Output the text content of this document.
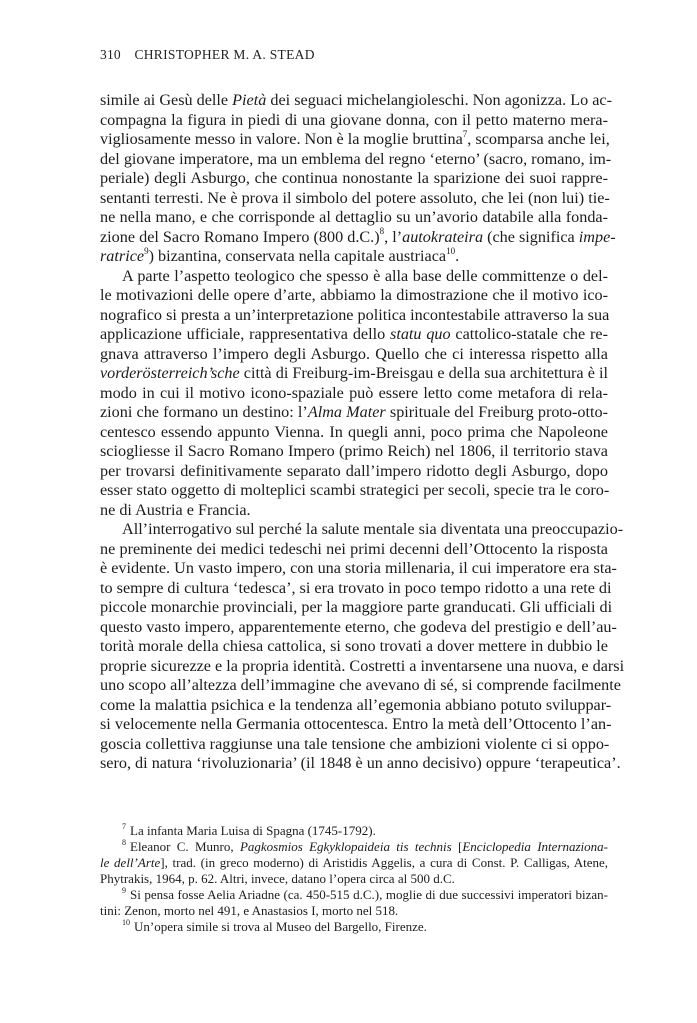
310 CHRISTOPHER M. A. STEAD

simile ai Gesù delle Pietà dei seguaci michelangioleschi. Non agonizza. Lo ac-
compagna la figura in piedi di una giovane donna, con il petto materno mera-
vigliosamente messo in valore. Non è la moglie bruttina$^7$, scomparsa anche lei,
del giovane imperatore, ma un emblema del regno ‘eterno’ (sacro, romano, im-
periale) degli Asburgo, che continua nonostante la sparizione dei suoi rappre-
sentanti terresti. Ne è prova il simbolo del potere assoluto, che lei (non lui) tie-
ne nella mano, e che corrisponde al dettaglio su un’avorio databile alla fonda-
zione del Sacro Romano Impero (800 d.C.)$^8$, l’autokrateira (che significa impe-
ratrice$^9$) bizantina, conservata nella capitale austriaca$^{10}$.

A parte l’aspetto teologico che spesso è alla base delle committenze o del-
le motivazioni delle opere d’arte, abbiamo la dimostrazione che il motivo ico-
nografico si presta a un’interpretazione politica incontestabile attraverso la sua
applicazione ufficiale, rappresentativa dello statu quo cattolico-statale che re-
gnava attraverso l’impero degli Asburgo. Quello che ci interessa rispetto alla
vorderösterreich’sche città di Freiburg-im-Breisgau e della sua architettura è il
modo in cui il motivo icono-spaziale può essere letto come metafora di rela-
zioni che formano un destino: l’Alma Mater spirituale del Freiburg proto-otto-
centesco essendo appunto Vienna. In quegli anni, poco prima che Napoleone
sciogliesse il Sacro Romano Impero (primo Reich) nel 1806, il territorio stava
per trovarsi definitivamente separato dall’impero ridotto degli Asburgo, dopo
esser stato oggetto di molteplici scambi strategici per secoli, specie tra le coro-
ne di Austria e Francia.

All’interrogativo sul perché la salute mentale sia diventata una preoccupazio-
ne preminente dei medici tedeschi nei primi decenni dell’Ottocento la risposta
è evidente. Un vasto impero, con una storia millenaria, il cui imperatore era sta-
to sempre di cultura ‘tedesca’, si era trovato in poco tempo ridotto a una rete di
piccole monarchie provinciali, per la maggiore parte granducati. Gli ufficiali di
questo vasto impero, apparentemente eterno, che godeva del prestigio e dell’au-
torità morale della chiesa cattolica, si sono trovati a dover mettere in dubbio le
proprie sicurezze e la propria identità. Costretti a inventarsene una nuova, e darsi
uno scopo all’altezza dell’immagine che avevano di sé, si comprende facilmente
come la malattia psichica e la tendenza all’egemonia abbiano potuto sviluppar-
si velocemente nella Germania ottocentesca. Entro la metà dell’Ottocento l’an-
goscia collettiva raggiunse una tale tensione che ambizioni violente ci si oppo-
sero, di natura ‘rivoluzionaria’ (il 1848 è un anno decisivo) oppure ‘terapeutica’.

$^7$ La infanta Maria Luisa di Spagna (1745-1792).
$^8$ Eleanor C. Munro, Pagkosmios Egkyklopaideia tis technis [Enciclopedia Internaziona-
le dell’Arte], trad. (in greco moderno) di Aristidis Aggelis, a cura di Const. P. Calligas, Atene,
Phytrakis, 1964, p. 62. Altri, invece, datano l’opera circa al 500 d.C.
$^9$ Si pensa fosse Aelia Ariadne (ca. 450-515 d.C.), moglie di due successivi imperatori bizan-
tini: Zenon, morto nel 491, e Anastasios I, morto nel 518.
$^{10}$ Un’opera simile si trova al Museo del Bargello, Firenze.
